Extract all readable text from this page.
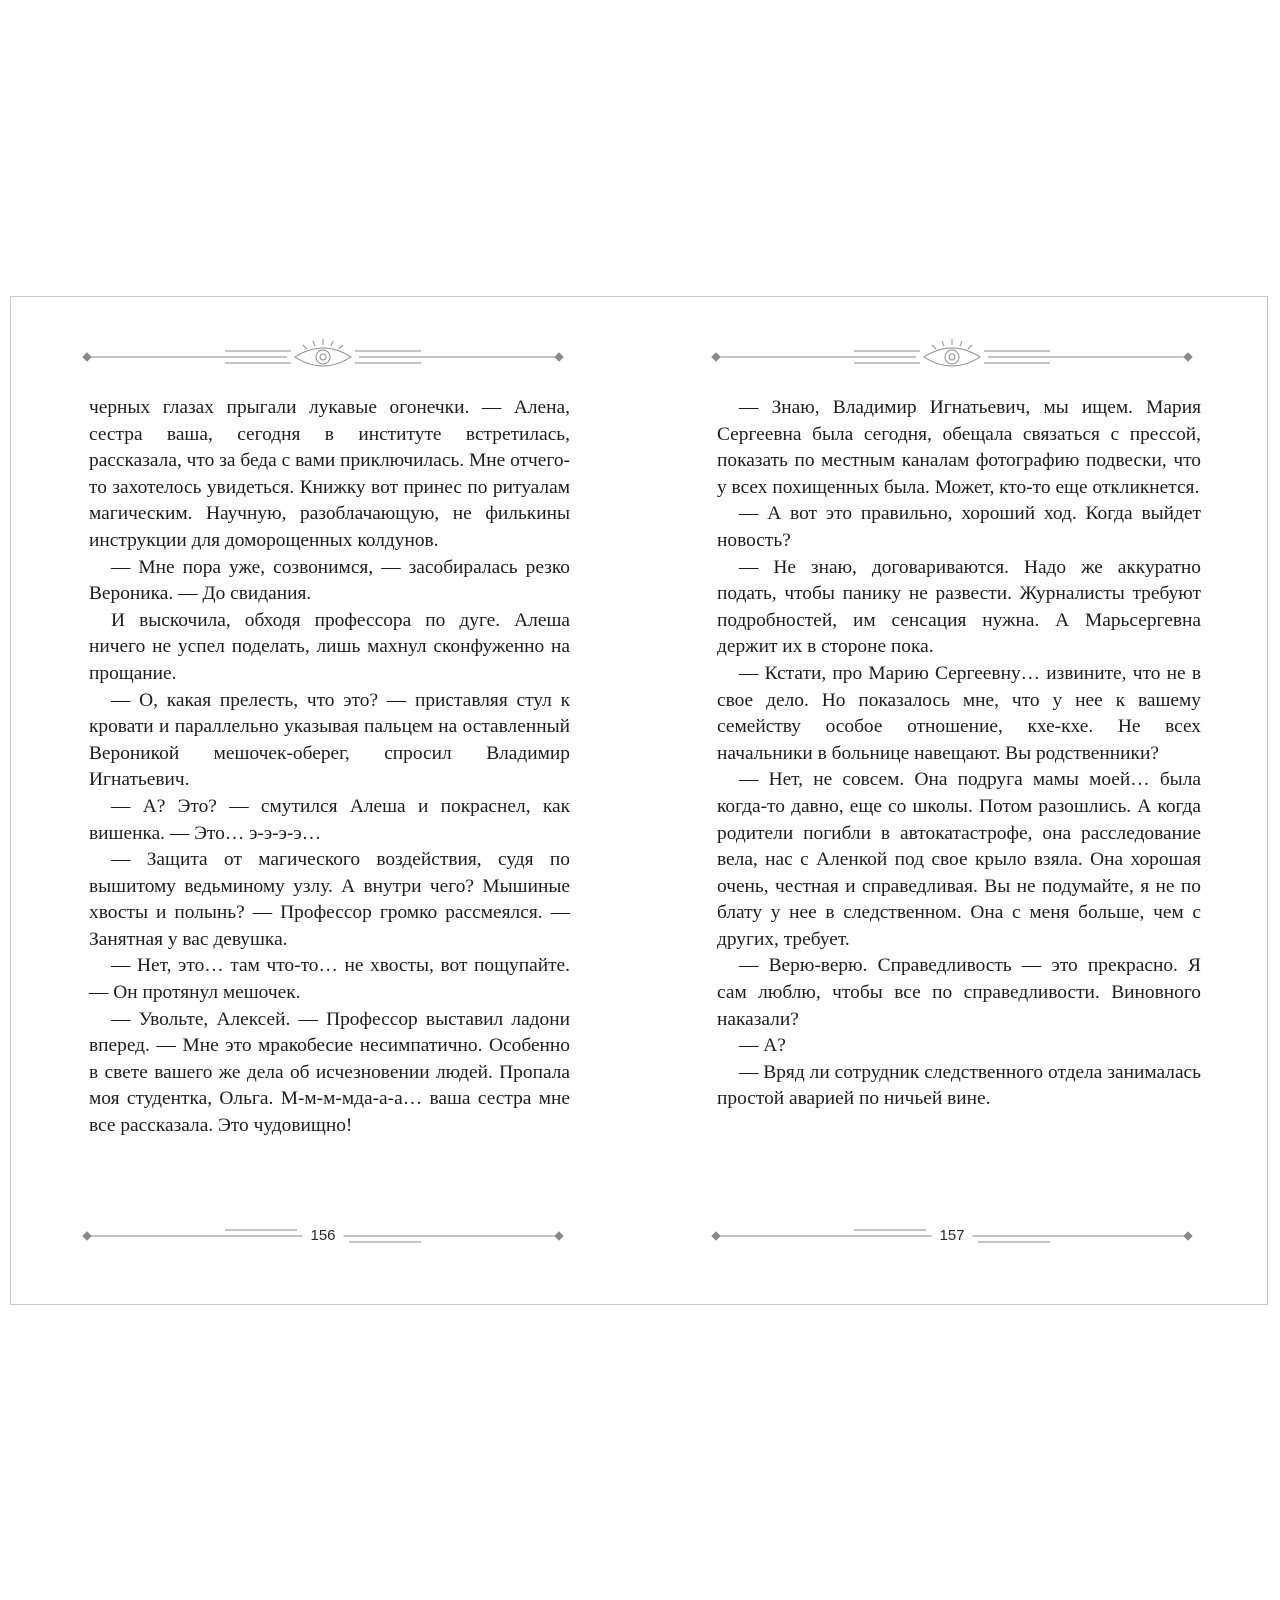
черных глазах прыгали лукавые огонечки. — Алена, сестра ваша, сегодня в институте встретилась, рассказала, что за беда с вами приключилась. Мне отчего-то захотелось увидеться. Книжку вот принес по ритуалам магическим. Научную, разоблачающую, не филькины инструкции для доморощенных колдунов.

— Мне пора уже, созвонимся, — засобиралась резко Вероника. — До свидания.

И выскочила, обходя профессора по дуге. Алеша ничего не успел поделать, лишь махнул сконфуженно на прощание.

— О, какая прелесть, что это? — приставляя стул к кровати и параллельно указывая пальцем на оставленный Вероникой мешочек-оберег, спросил Владимир Игнатьевич.

— А? Это? — смутился Алеша и покраснел, как вишенка. — Это… э-э-э-э…

— Защита от магического воздействия, судя по вышитому ведьминому узлу. А внутри чего? Мышиные хвосты и полынь? — Профессор громко рассмеялся. — Занятная у вас девушка.

— Нет, это… там что-то… не хвосты, вот пощупайте. — Он протянул мешочек.

— Увольте, Алексей. — Профессор выставил ладони вперед. — Мне это мракобесие несимпатично. Особенно в свете вашего же дела об исчезновении людей. Пропала моя студентка, Ольга. М-м-м-мда-а-а… ваша сестра мне все рассказала. Это чудовищно!

156

— Знаю, Владимир Игнатьевич, мы ищем. Мария Сергеевна была сегодня, обещала связаться с прессой, показать по местным каналам фотографию подвески, что у всех похищенных была. Может, кто-то еще откликнется.

— А вот это правильно, хороший ход. Когда выйдет новость?

— Не знаю, договариваются. Надо же аккуратно подать, чтобы панику не развести. Журналисты требуют подробностей, им сенсация нужна. А Марьсергевна держит их в стороне пока.

— Кстати, про Марию Сергеевну… извините, что не в свое дело. Но показалось мне, что у нее к вашему семейству особое отношение, кхе-кхе. Не всех начальники в больнице навещают. Вы родственники?

— Нет, не совсем. Она подруга мамы моей… была когда-то давно, еще со школы. Потом разошлись. А когда родители погибли в автокатастрофе, она расследование вела, нас с Аленкой под свое крыло взяла. Она хорошая очень, честная и справедливая. Вы не подумайте, я не по блату у нее в следственном. Она с меня больше, чем с других, требует.

— Верю-верю. Справедливость — это прекрасно. Я сам люблю, чтобы все по справедливости. Виновного наказали?

— А?

— Вряд ли сотрудник следственного отдела занималась простой аварией по ничьей вине.

157
